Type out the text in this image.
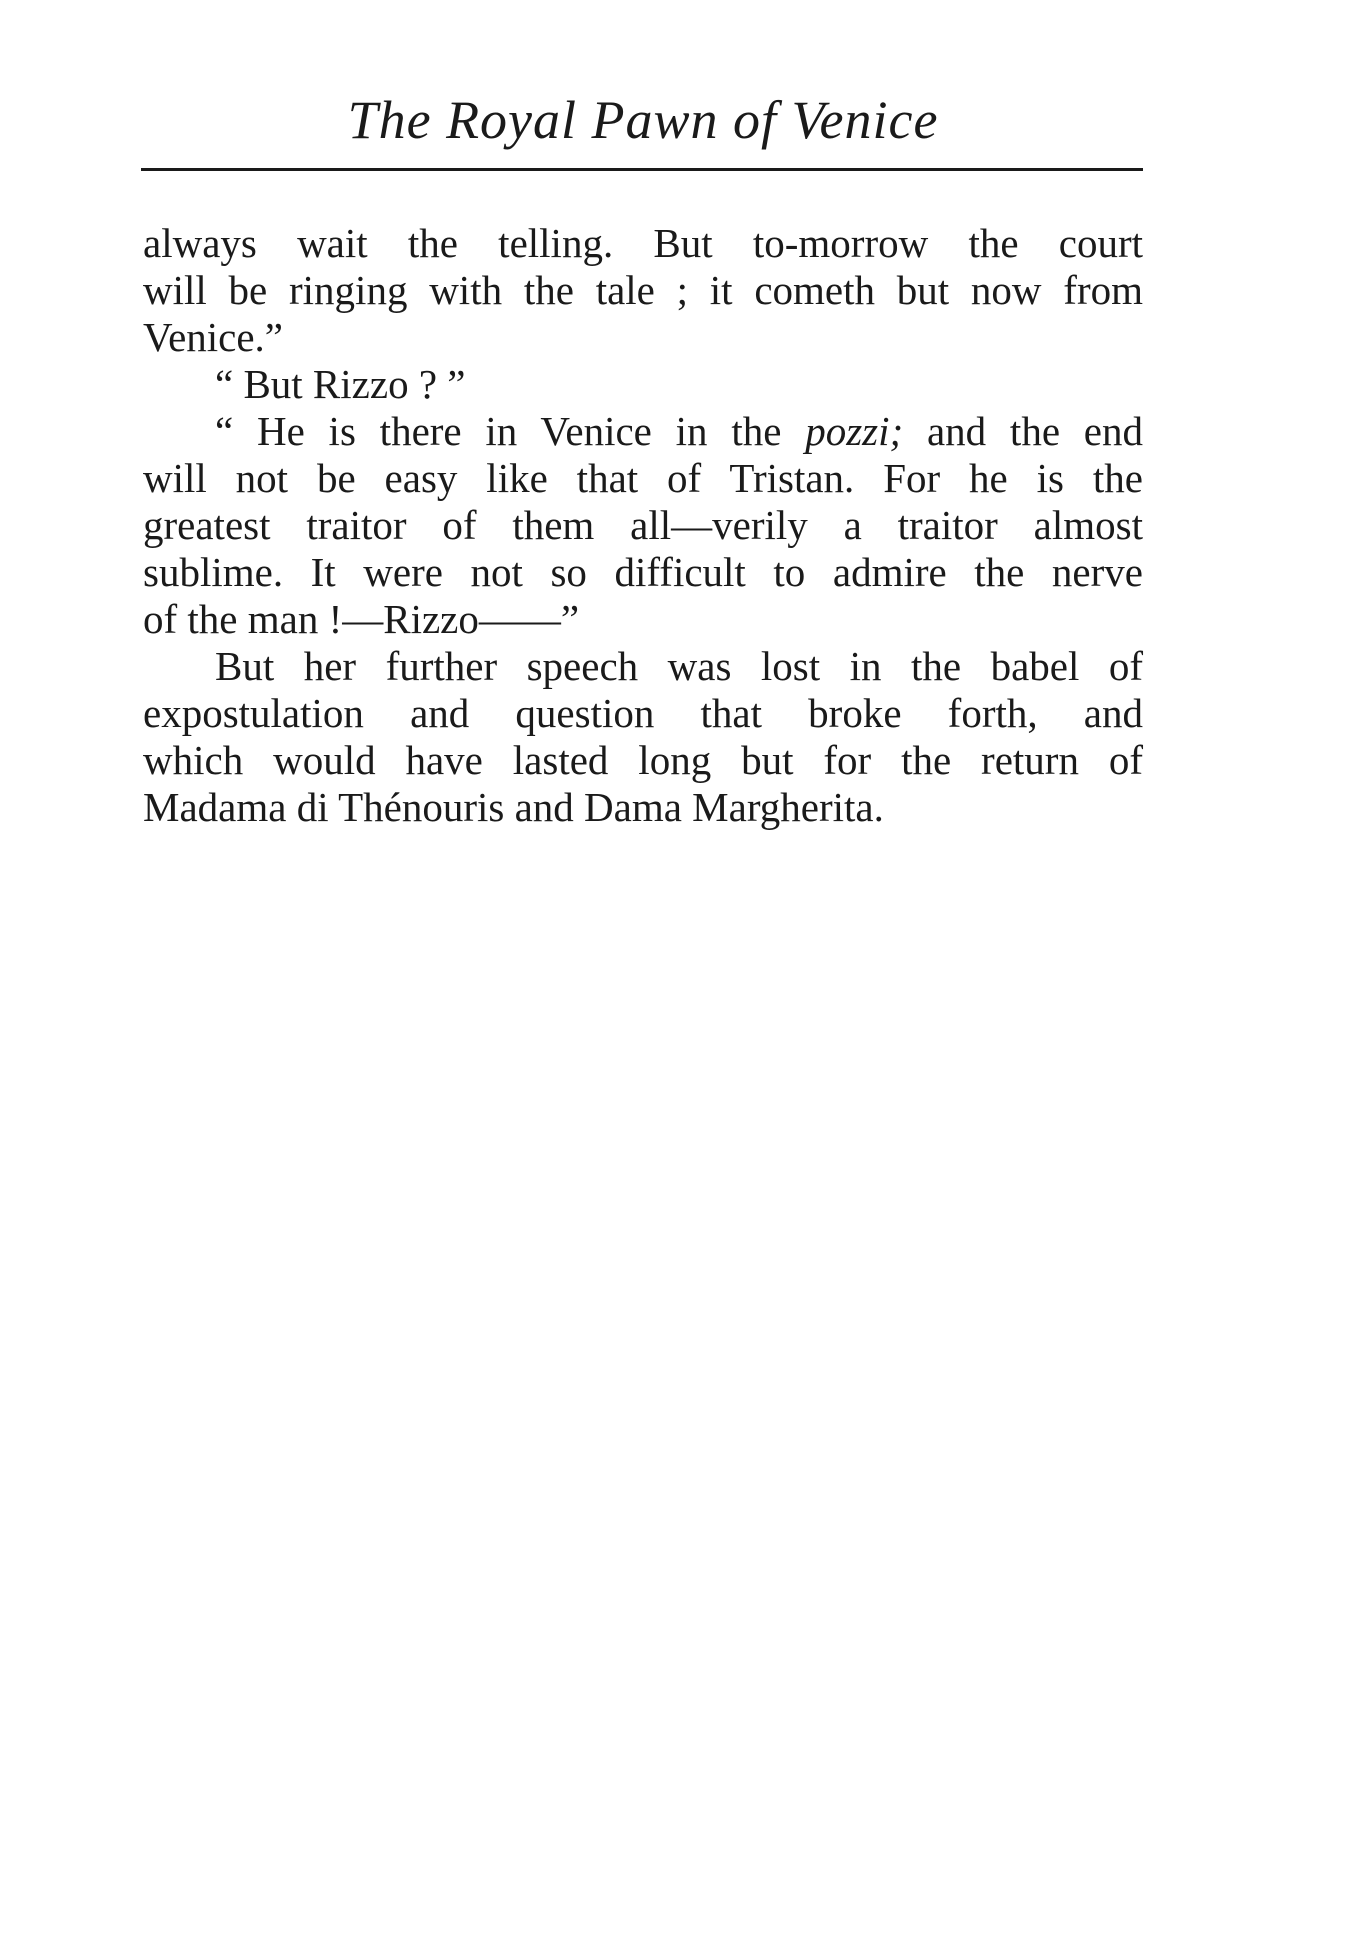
The Royal Pawn of Venice
always wait the telling. But to-morrow the court
will be ringing with the tale ; it cometh but now from
Venice.”
“ But Rizzo ? ”
“ He is there in Venice in the pozzi; and the end
will not be easy like that of Tristan. For he is the
greatest traitor of them all—verily a traitor almost
sublime. It were not so difficult to admire the nerve
of the man !—Rizzo——”
But her further speech was lost in the babel of
expostulation and question that broke forth, and
which would have lasted long but for the return of
Madama di Thénouris and Dama Margherita.
